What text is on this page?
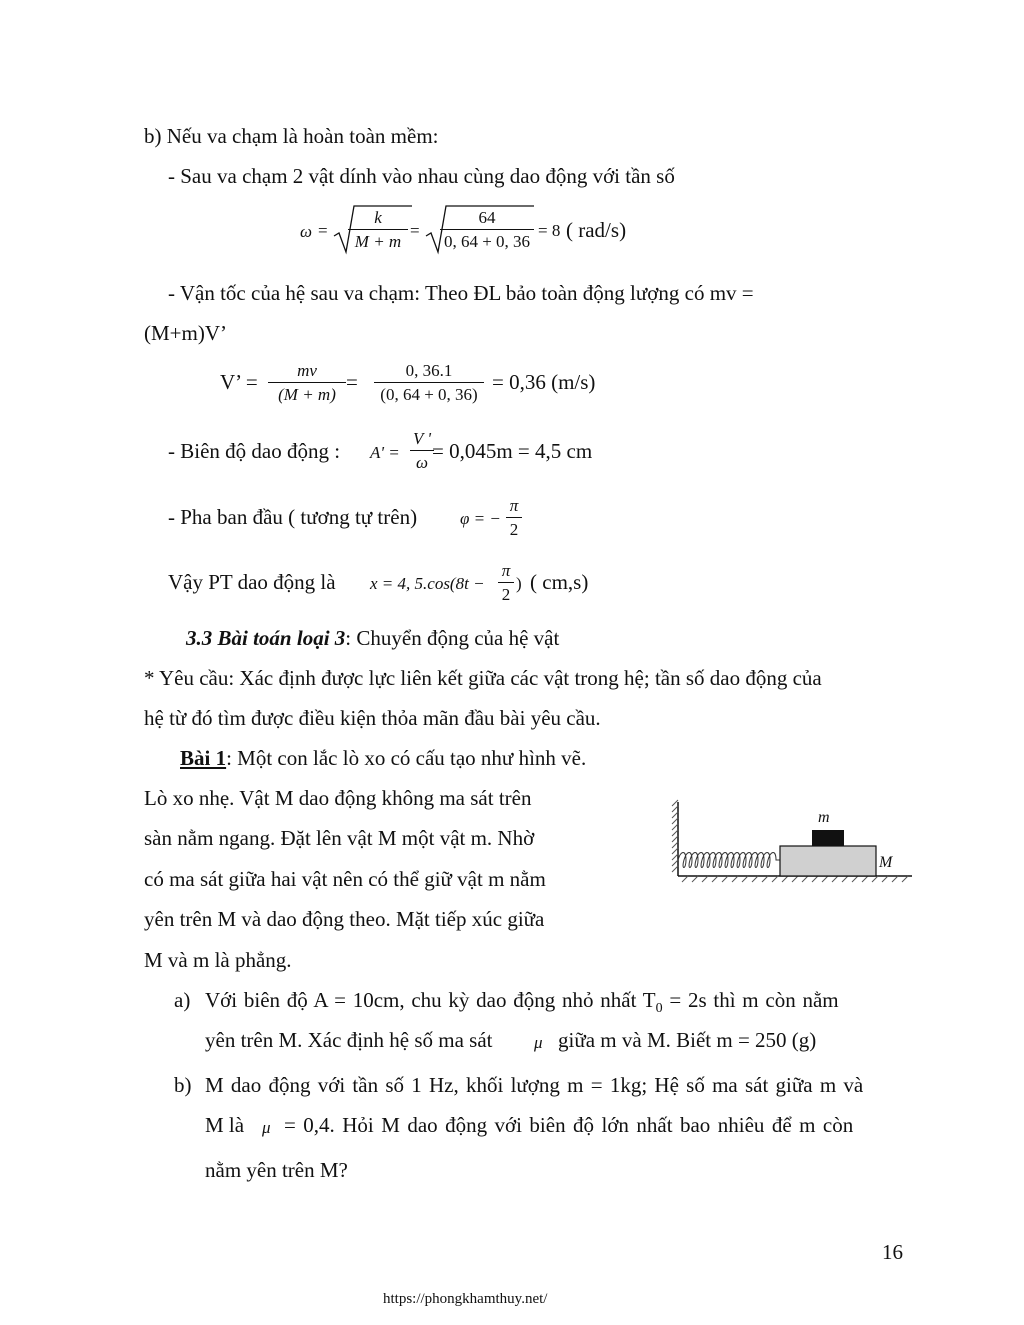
b) Nếu va chạm là hoàn toàn mềm:
- Sau va chạm 2 vật dính vào nhau cùng dao động với tần số
ω =
k
M + m
=
64
0, 64 + 0, 36
= 8 ( rad/s)
- Vận tốc của hệ sau va chạm: Theo ĐL bảo toàn động lượng có mv =
(M+m)V’
V’ =	mv
(M + m)
=	0, 36.1
(0, 64 + 0, 36)
= 0,36 (m/s)
- Biên độ dao động : A' =
V '
ω = 0,045m = 4,5 cm
- Pha ban đầu ( tương tự trên)	φ = −
π
2
Vậy PT dao động là x = 4, 5.cos(8t −
π
2
) ( cm,s)
3.3 Bài toán loại 3: Chuyển động của hệ vật
* Yêu cầu: Xác định được lực liên kết giữa các vật trong hệ; tần số dao động của
hệ từ đó tìm được điều kiện thỏa mãn đầu bài yêu cầu.
Bài 1: Một con lắc lò xo có cấu tạo như hình vẽ.
Lò xo nhẹ. Vật M dao động không ma sát trên
sàn nằm ngang. Đặt lên vật M một vật m. Nhờ
có ma sát giữa hai vật nên có thể giữ vật m nằm
yên trên M và dao động theo. Mặt tiếp xúc giữa
M và m là phẳng.
m
M
a) Với biên độ A = 10cm, chu kỳ dao động nhỏ nhất $T_0 = 2s$ thì m còn nằm
yên trên M. Xác định hệ số ma sát μ giữa m và M. Biết m = 250 (g)
b) M dao động với tần số 1 Hz, khối lượng m = 1kg; Hệ số ma sát giữa m và
M là μ = 0,4. Hỏi M dao động với biên độ lớn nhất bao nhiêu để m còn
nằm yên trên M?
16
https://phongkhamthuy.net/
